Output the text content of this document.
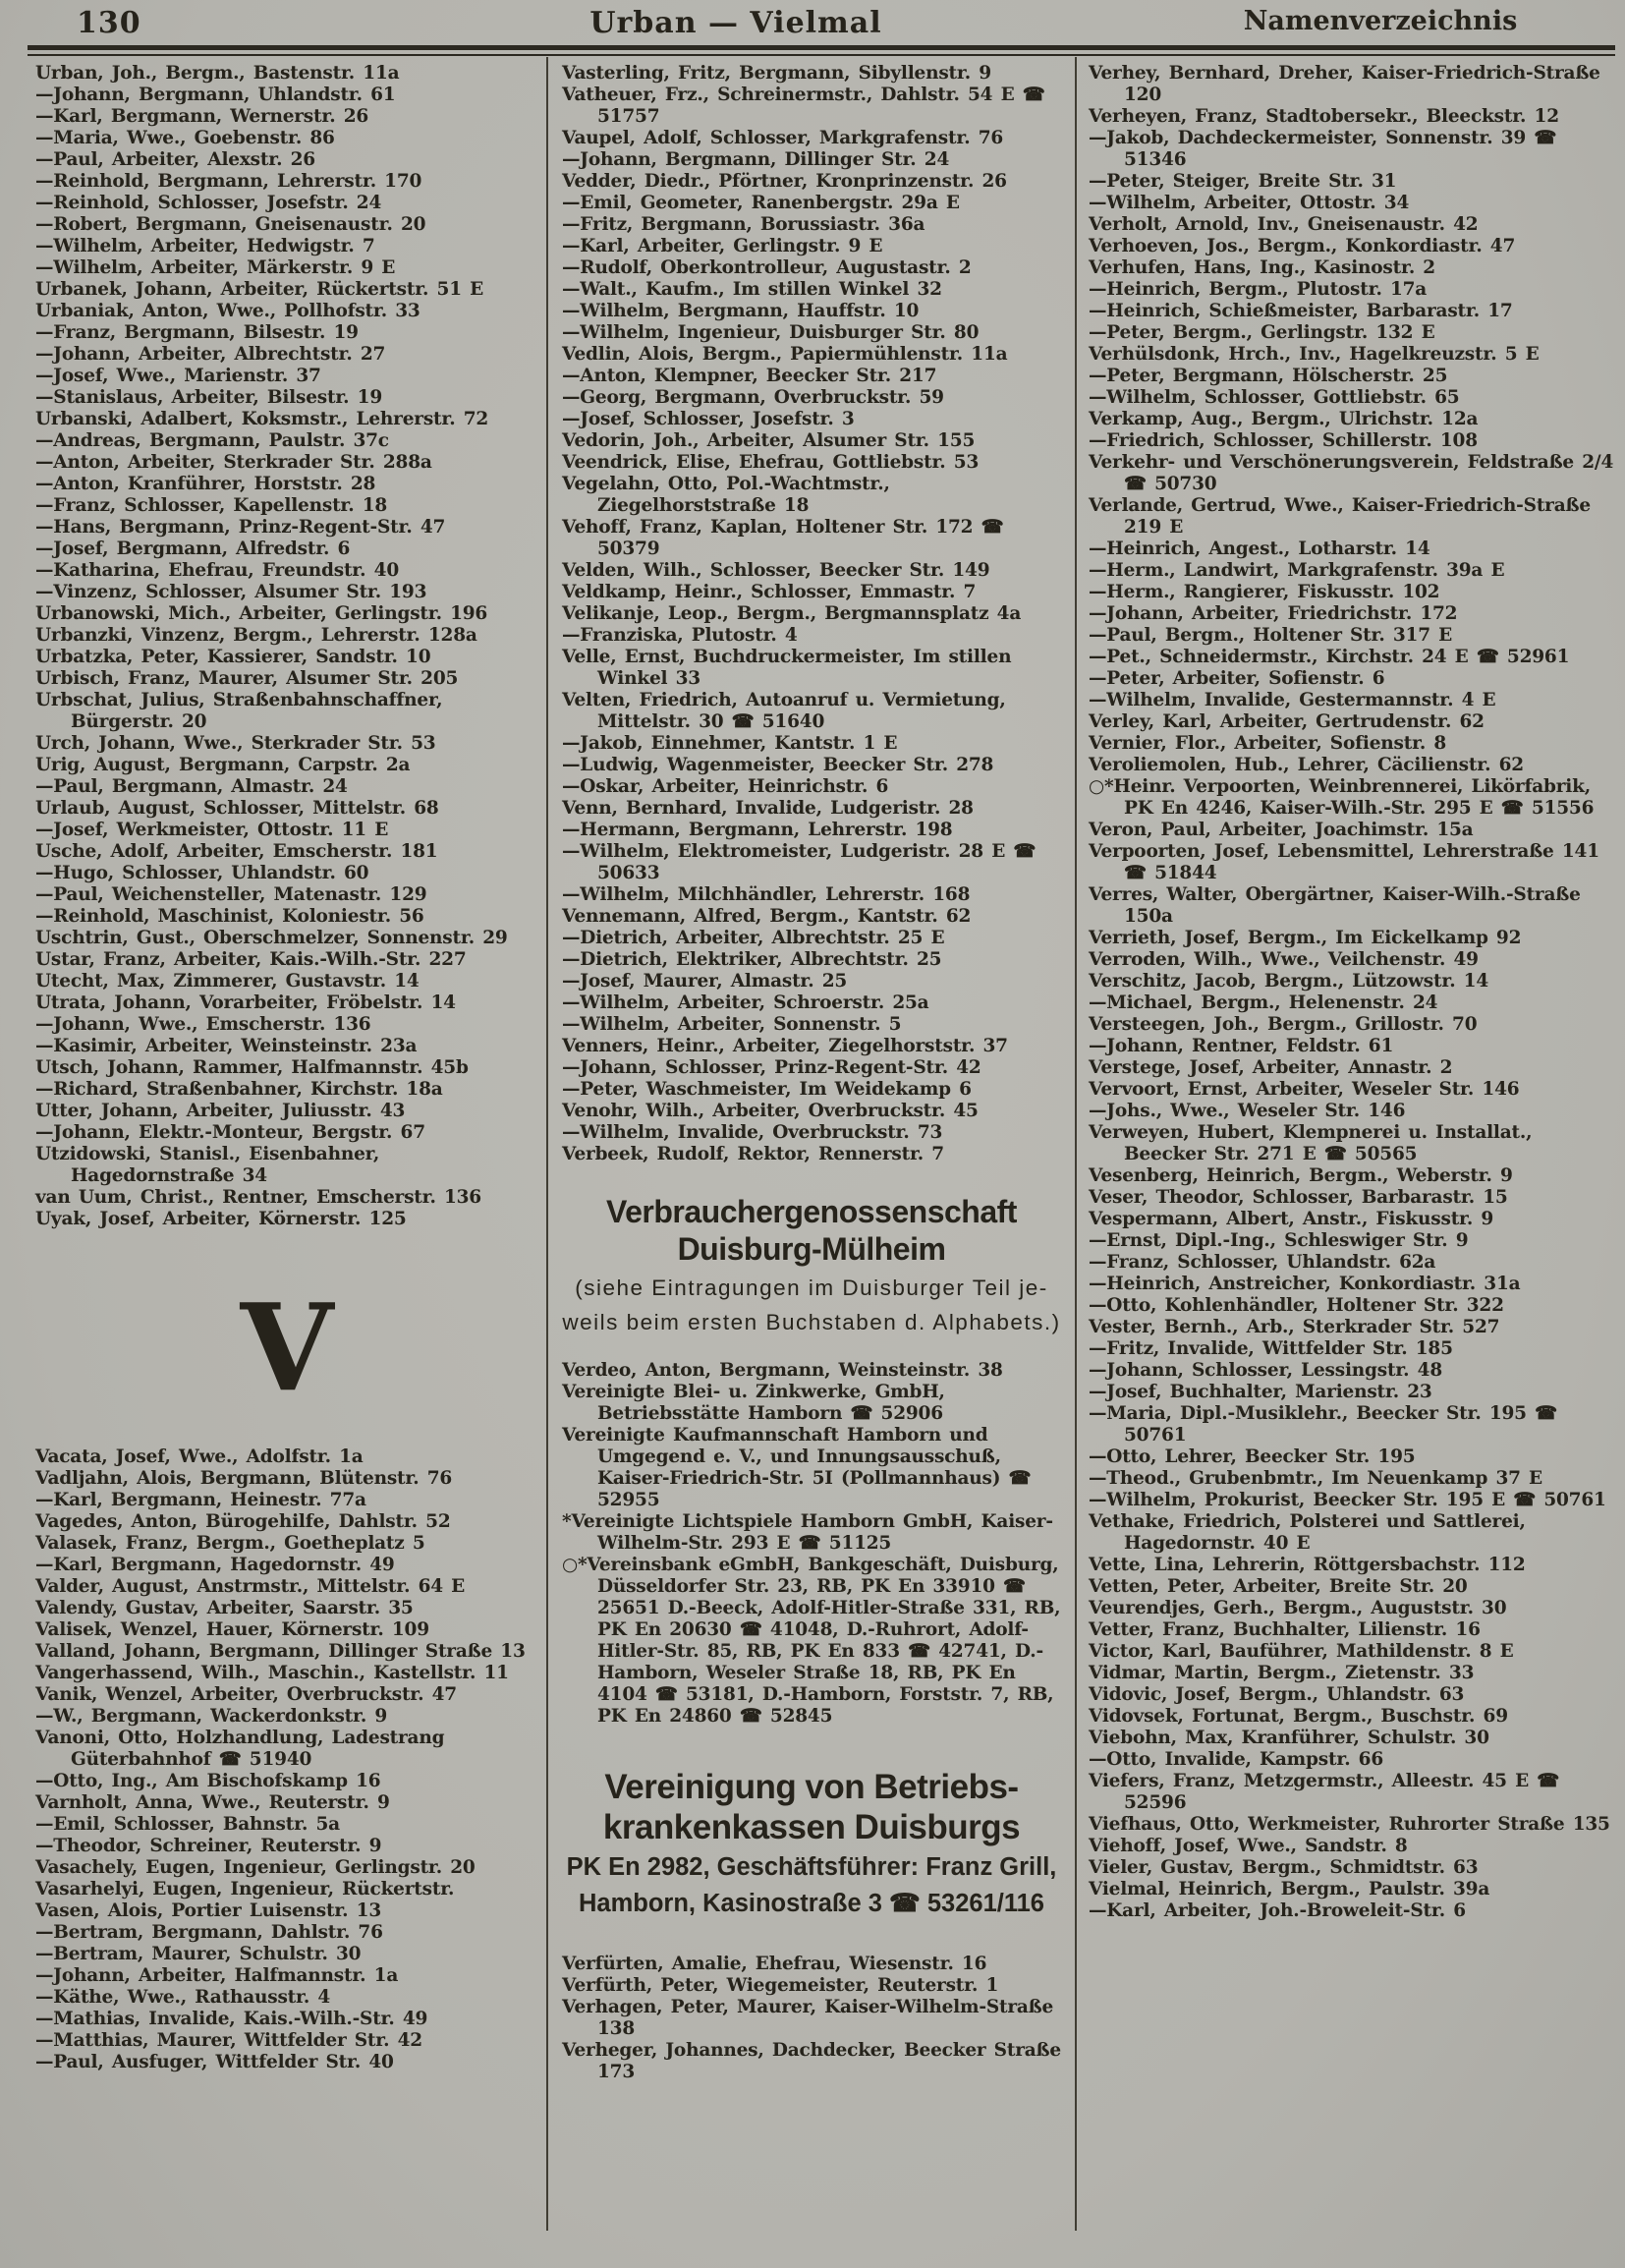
130	Urban — Vielmal	Namenverzeichnis
Urban, Joh., Bergm., Bastenstr. 11a
—Johann, Bergmann, Uhlandstr. 61
—Karl, Bergmann, Wernerstr. 26
—Maria, Wwe., Goebenstr. 86
—Paul, Arbeiter, Alexstr. 26
—Reinhold, Bergmann, Lehrerstr. 170
—Reinhold, Schlosser, Josefstr. 24
—Robert, Bergmann, Gneisenaustr. 20
—Wilhelm, Arbeiter, Hedwigstr. 7
—Wilhelm, Arbeiter, Märkerstr. 9 E
Urbanek, Johann, Arbeiter, Rückertstr. 51 E
Urbaniak, Anton, Wwe., Pollhofstr. 33
—Franz, Bergmann, Bilsestr. 19
—Johann, Arbeiter, Albrechtstr. 27
—Josef, Wwe., Marienstr. 37
—Stanislaus, Arbeiter, Bilsestr. 19
Urbanski, Adalbert, Koksmstr., Lehrerstr. 72
—Andreas, Bergmann, Paulstr. 37c
—Anton, Arbeiter, Sterkrader Str. 288a
—Anton, Kranführer, Horststr. 28
—Franz, Schlosser, Kapellenstr. 18
—Hans, Bergmann, Prinz-Regent-Str. 47
—Josef, Bergmann, Alfredstr. 6
—Katharina, Ehefrau, Freundstr. 40
—Vinzenz, Schlosser, Alsumer Str. 193
Urbanowski, Mich., Arbeiter, Gerlingstr. 196
Urbanzki, Vinzenz, Bergm., Lehrerstr. 128a
Urbatzka, Peter, Kassierer, Sandstr. 10
Urbisch, Franz, Maurer, Alsumer Str. 205
Urbschat, Julius, Straßenbahnschaffner, Bürgerstr. 20
Urch, Johann, Wwe., Sterkrader Str. 53
Urig, August, Bergmann, Carpstr. 2a
—Paul, Bergmann, Almastr. 24
Urlaub, August, Schlosser, Mittelstr. 68
—Josef, Werkmeister, Ottostr. 11 E
Usche, Adolf, Arbeiter, Emscherstr. 181
—Hugo, Schlosser, Uhlandstr. 60
—Paul, Weichensteller, Matenastr. 129
—Reinhold, Maschinist, Koloniestr. 56
Uschtrin, Gust., Oberschmelzer, Sonnenstr. 29
Ustar, Franz, Arbeiter, Kais.-Wilh.-Str. 227
Utecht, Max, Zimmerer, Gustavstr. 14
Utrata, Johann, Vorarbeiter, Fröbelstr. 14
—Johann, Wwe., Emscherstr. 136
—Kasimir, Arbeiter, Weinsteinstr. 23a
Utsch, Johann, Rammer, Halfmannstr. 45b
—Richard, Straßenbahner, Kirchstr. 18a
Utter, Johann, Arbeiter, Juliusstr. 43
—Johann, Elektr.-Monteur, Bergstr. 67
Utzidowski, Stanisl., Eisenbahner, Hagedornstraße 34
van Uum, Christ., Rentner, Emscherstr. 136
Uyak, Josef, Arbeiter, Körnerstr. 125
V
Vacata, Josef, Wwe., Adolfstr. 1a
Vadljahn, Alois, Bergmann, Blütenstr. 76
—Karl, Bergmann, Heinestr. 77a
Vagedes, Anton, Bürogehilfe, Dahlstr. 52
Valasek, Franz, Bergm., Goetheplatz 5
—Karl, Bergmann, Hagedornstr. 49
Valder, August, Anstrmstr., Mittelstr. 64 E
Valendy, Gustav, Arbeiter, Saarstr. 35
Valisek, Wenzel, Hauer, Körnerstr. 109
Valland, Johann, Bergmann, Dillinger Straße 13
Vangerhassend, Wilh., Maschin., Kastellstr. 11
Vanik, Wenzel, Arbeiter, Overbruckstr. 47
—W., Bergmann, Wackerdonkstr. 9
Vanoni, Otto, Holzhandlung, Ladestrang Güterbahnhof ☎ 51940
—Otto, Ing., Am Bischofskamp 16
Varnholt, Anna, Wwe., Reuterstr. 9
—Emil, Schlosser, Bahnstr. 5a
—Theodor, Schreiner, Reuterstr. 9
Vasachely, Eugen, Ingenieur, Gerlingstr. 20
Vasarhelyi, Eugen, Ingenieur, Rückertstr.
Vasen, Alois, Portier Luisenstr. 13
—Bertram, Bergmann, Dahlstr. 76
—Bertram, Maurer, Schulstr. 30
—Johann, Arbeiter, Halfmannstr. 1a
—Käthe, Wwe., Rathausstr. 4
—Mathias, Invalide, Kais.-Wilh.-Str. 49
—Matthias, Maurer, Wittfelder Str. 42
—Paul, Ausfuger, Wittfelder Str. 40
Vasterling, Fritz, Bergmann, Sibyllenstr. 9
Vatheuer, Frz., Schreinermstr., Dahlstr. 54 E ☎ 51757
Vaupel, Adolf, Schlosser, Markgrafenstr. 76
—Johann, Bergmann, Dillinger Str. 24
Vedder, Diedr., Pförtner, Kronprinzenstr. 26
—Emil, Geometer, Ranenbergstr. 29a E
—Fritz, Bergmann, Borussiastr. 36a
—Karl, Arbeiter, Gerlingstr. 9 E
—Rudolf, Oberkontrolleur, Augustastr. 2
—Walt., Kaufm., Im stillen Winkel 32
—Wilhelm, Bergmann, Hauffstr. 10
—Wilhelm, Ingenieur, Duisburger Str. 80
Vedlin, Alois, Bergm., Papiermühlenstr. 11a
—Anton, Klempner, Beecker Str. 217
—Georg, Bergmann, Overbruckstr. 59
—Josef, Schlosser, Josefstr. 3
Vedorin, Joh., Arbeiter, Alsumer Str. 155
Veendrick, Elise, Ehefrau, Gottliebstr. 53
Vegelahn, Otto, Pol.-Wachtmstr., Ziegelhorststraße 18
Vehoff, Franz, Kaplan, Holtener Str. 172 ☎ 50379
Velden, Wilh., Schlosser, Beecker Str. 149
Veldkamp, Heinr., Schlosser, Emmastr. 7
Velikanje, Leop., Bergm., Bergmannsplatz 4a
—Franziska, Plutostr. 4
Velle, Ernst, Buchdruckermeister, Im stillen Winkel 33
Velten, Friedrich, Autoanruf u. Vermietung, Mittelstr. 30 ☎ 51640
—Jakob, Einnehmer, Kantstr. 1 E
—Ludwig, Wagenmeister, Beecker Str. 278
—Oskar, Arbeiter, Heinrichstr. 6
Venn, Bernhard, Invalide, Ludgeristr. 28
—Hermann, Bergmann, Lehrerstr. 198
—Wilhelm, Elektromeister, Ludgeristr. 28 E ☎ 50633
—Wilhelm, Milchhändler, Lehrerstr. 168
Vennemann, Alfred, Bergm., Kantstr. 62
—Dietrich, Arbeiter, Albrechtstr. 25 E
—Dietrich, Elektriker, Albrechtstr. 25
—Josef, Maurer, Almastr. 25
—Wilhelm, Arbeiter, Schroerstr. 25a
—Wilhelm, Arbeiter, Sonnenstr. 5
Venners, Heinr., Arbeiter, Ziegelhorststr. 37
—Johann, Schlosser, Prinz-Regent-Str. 42
—Peter, Waschmeister, Im Weidekamp 6
Venohr, Wilh., Arbeiter, Overbruckstr. 45
—Wilhelm, Invalide, Overbruckstr. 73
Verbeek, Rudolf, Rektor, Rennerstr. 7
Verbrauchergenossenschaft Duisburg-Mülheim
(siehe Eintragungen im Duisburger Teil je-
weils beim ersten Buchstaben d. Alphabets.)
Verdeo, Anton, Bergmann, Weinsteinstr. 38
Vereinigte Blei- u. Zinkwerke, GmbH, Betriebsstätte Hamborn ☎ 52906
Vereinigte Kaufmannschaft Hamborn und Umgegend e. V., und Innungsausschuß, Kaiser-Friedrich-Str. 5I (Pollmannhaus) ☎ 52955
*Vereinigte Lichtspiele Hamborn GmbH, Kaiser-Wilhelm-Str. 293 E ☎ 51125
○*Vereinsbank eGmbH, Bankgeschäft, Duisburg, Düsseldorfer Str. 23, RB, PK En 33910 ☎ 25651 D.-Beeck, Adolf-Hitler-Straße 331, RB, PK En 20630 ☎ 41048, D.-Ruhrort, Adolf-Hitler-Str. 85, RB, PK En 833 ☎ 42741, D.-Hamborn, Weseler Straße 18, RB, PK En 4104 ☎ 53181, D.-Hamborn, Forststr. 7, RB, PK En 24860 ☎ 52845
Vereinigung von Betriebs-
krankenkassen Duisburgs
PK En 2982, Geschäftsführer: Franz Grill,
Hamborn, Kasinostraße 3 ☎ 53261/116
Verfürten, Amalie, Ehefrau, Wiesenstr. 16
Verfürth, Peter, Wiegemeister, Reuterstr. 1
Verhagen, Peter, Maurer, Kaiser-Wilhelm-Straße 138
Verheger, Johannes, Dachdecker, Beecker Straße 173
Verhey, Bernhard, Dreher, Kaiser-Friedrich-Straße 120
Verheyen, Franz, Stadtobersekr., Bleeckstr. 12
—Jakob, Dachdeckermeister, Sonnenstr. 39 ☎ 51346
—Peter, Steiger, Breite Str. 31
—Wilhelm, Arbeiter, Ottostr. 34
Verholt, Arnold, Inv., Gneisenaustr. 42
Verhoeven, Jos., Bergm., Konkordiastr. 47
Verhufen, Hans, Ing., Kasinostr. 2
—Heinrich, Bergm., Plutostr. 17a
—Heinrich, Schießmeister, Barbarastr. 17
—Peter, Bergm., Gerlingstr. 132 E
Verhülsdonk, Hrch., Inv., Hagelkreuzstr. 5 E
—Peter, Bergmann, Hölscherstr. 25
—Wilhelm, Schlosser, Gottliebstr. 65
Verkamp, Aug., Bergm., Ulrichstr. 12a
—Friedrich, Schlosser, Schillerstr. 108
Verkehr- und Verschönerungsverein, Feldstraße 2/4 ☎ 50730
Verlande, Gertrud, Wwe., Kaiser-Friedrich-Straße 219 E
—Heinrich, Angest., Lotharstr. 14
—Herm., Landwirt, Markgrafenstr. 39a E
—Herm., Rangierer, Fiskusstr. 102
—Johann, Arbeiter, Friedrichstr. 172
—Paul, Bergm., Holtener Str. 317 E
—Pet., Schneidermstr., Kirchstr. 24 E ☎ 52961
—Peter, Arbeiter, Sofienstr. 6
—Wilhelm, Invalide, Gestermannstr. 4 E
Verley, Karl, Arbeiter, Gertrudenstr. 62
Vernier, Flor., Arbeiter, Sofienstr. 8
Veroliemolen, Hub., Lehrer, Cäcilienstr. 62
○*Heinr. Verpoorten, Weinbrennerei, Likörfabrik, PK En 4246, Kaiser-Wilh.-Str. 295 E ☎ 51556
Veron, Paul, Arbeiter, Joachimstr. 15a
Verpoorten, Josef, Lebensmittel, Lehrerstraße 141 ☎ 51844
Verres, Walter, Obergärtner, Kaiser-Wilh.-Straße 150a
Verrieth, Josef, Bergm., Im Eickelkamp 92
Verroden, Wilh., Wwe., Veilchenstr. 49
Verschitz, Jacob, Bergm., Lützowstr. 14
—Michael, Bergm., Helenenstr. 24
Versteegen, Joh., Bergm., Grillostr. 70
—Johann, Rentner, Feldstr. 61
Verstege, Josef, Arbeiter, Annastr. 2
Vervoort, Ernst, Arbeiter, Weseler Str. 146
—Johs., Wwe., Weseler Str. 146
Verweyen, Hubert, Klempnerei u. Installat., Beecker Str. 271 E ☎ 50565
Vesenberg, Heinrich, Bergm., Weberstr. 9
Veser, Theodor, Schlosser, Barbarastr. 15
Vespermann, Albert, Anstr., Fiskusstr. 9
—Ernst, Dipl.-Ing., Schleswiger Str. 9
—Franz, Schlosser, Uhlandstr. 62a
—Heinrich, Anstreicher, Konkordiastr. 31a
—Otto, Kohlenhändler, Holtener Str. 322
Vester, Bernh., Arb., Sterkrader Str. 527
—Fritz, Invalide, Wittfelder Str. 185
—Johann, Schlosser, Lessingstr. 48
—Josef, Buchhalter, Marienstr. 23
—Maria, Dipl.-Musiklehr., Beecker Str. 195 ☎ 50761
—Otto, Lehrer, Beecker Str. 195
—Theod., Grubenbmtr., Im Neuenkamp 37 E
—Wilhelm, Prokurist, Beecker Str. 195 E ☎ 50761
Vethake, Friedrich, Polsterei und Sattlerei, Hagedornstr. 40 E
Vette, Lina, Lehrerin, Röttgersbachstr. 112
Vetten, Peter, Arbeiter, Breite Str. 20
Veurendjes, Gerh., Bergm., Auguststr. 30
Vetter, Franz, Buchhalter, Lilienstr. 16
Victor, Karl, Bauführer, Mathildenstr. 8 E
Vidmar, Martin, Bergm., Zietenstr. 33
Vidovic, Josef, Bergm., Uhlandstr. 63
Vidovsek, Fortunat, Bergm., Buschstr. 69
Viebohn, Max, Kranführer, Schulstr. 30
—Otto, Invalide, Kampstr. 66
Viefers, Franz, Metzgermstr., Alleestr. 45 E ☎ 52596
Viefhaus, Otto, Werkmeister, Ruhrorter Straße 135
Viehoff, Josef, Wwe., Sandstr. 8
Vieler, Gustav, Bergm., Schmidtstr. 63
Vielmal, Heinrich, Bergm., Paulstr. 39a
—Karl, Arbeiter, Joh.-Broweleit-Str. 6
